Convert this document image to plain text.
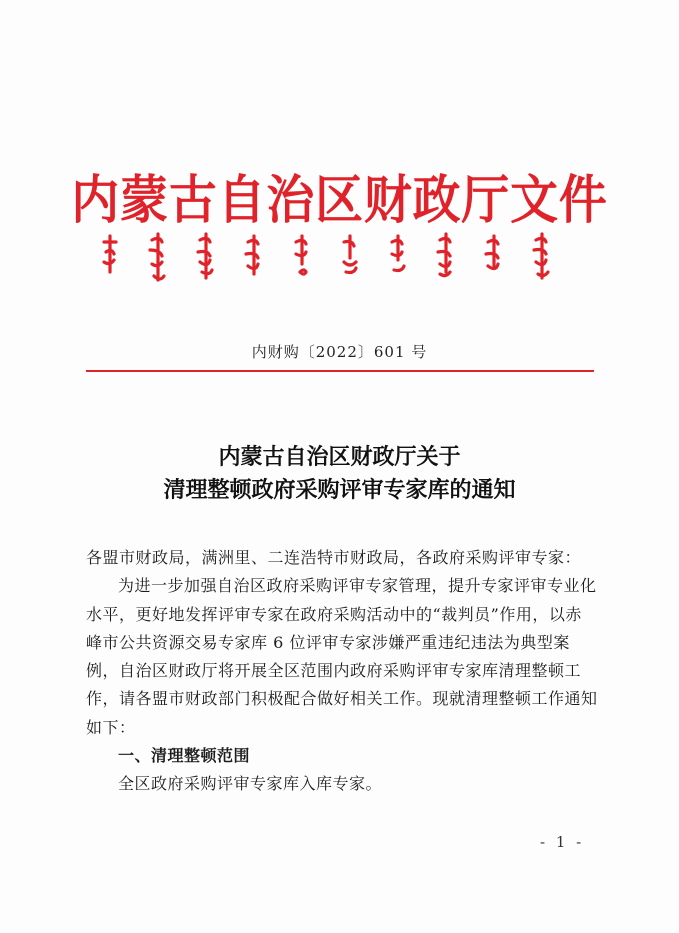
内蒙古自治区财政厅文件
内财购〔2022〕601 号
内蒙古自治区财政厅关于
清理整顿政府采购评审专家库的通知

各盟市财政局，满洲里、二连浩特市财政局，各政府采购评审专家：

为进一步加强自治区政府采购评审专家管理，提升专家评审专业化水平，更好地发挥评审专家在政府采购活动中的“裁判员”作用，以赤峰市公共资源交易专家库 6 位评审专家涉嫌严重违纪违法为典型案例，自治区财政厅将开展全区范围内政府采购评审专家库清理整顿工作，请各盟市财政部门积极配合做好相关工作。现就清理整顿工作通知如下：

一、清理整顿范围

全区政府采购评审专家库入库专家。

- 1 -
